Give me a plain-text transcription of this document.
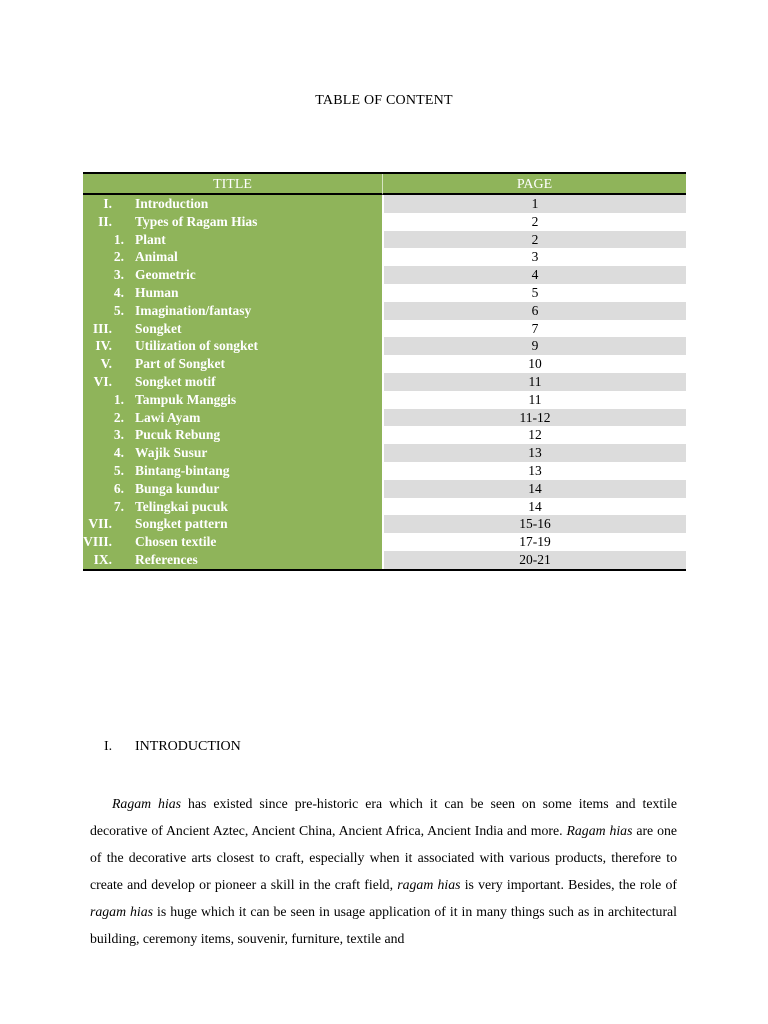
TABLE OF CONTENT
TITLE	PAGE
I. Introduction	1
II. Types of Ragam Hias	2
1. Plant	2
2. Animal	3
3. Geometric	4
4. Human	5
5. Imagination/fantasy	6
III. Songket	7
IV. Utilization of songket	9
V. Part of Songket	10
VI. Songket motif	11
1. Tampuk Manggis	11
2. Lawi Ayam	11-12
3. Pucuk Rebung	12
4. Wajik Susur	13
5. Bintang-bintang	13
6. Bunga kundur	14
7. Telingkai pucuk	14
VII. Songket pattern	15-16
VIII. Chosen textile	17-19
IX. References	20-21
I. INTRODUCTION

Ragam hias has existed since pre-historic era which it can be seen on some items and textile decorative of Ancient Aztec, Ancient China, Ancient Africa, Ancient India and more. Ragam hias are one of the decorative arts closest to craft, especially when it associated with various products, therefore to create and develop or pioneer a skill in the craft field, ragam hias is very important. Besides, the role of ragam hias is huge which it can be seen in usage application of it in many things such as in architectural building, ceremony items, souvenir, furniture, textile and
